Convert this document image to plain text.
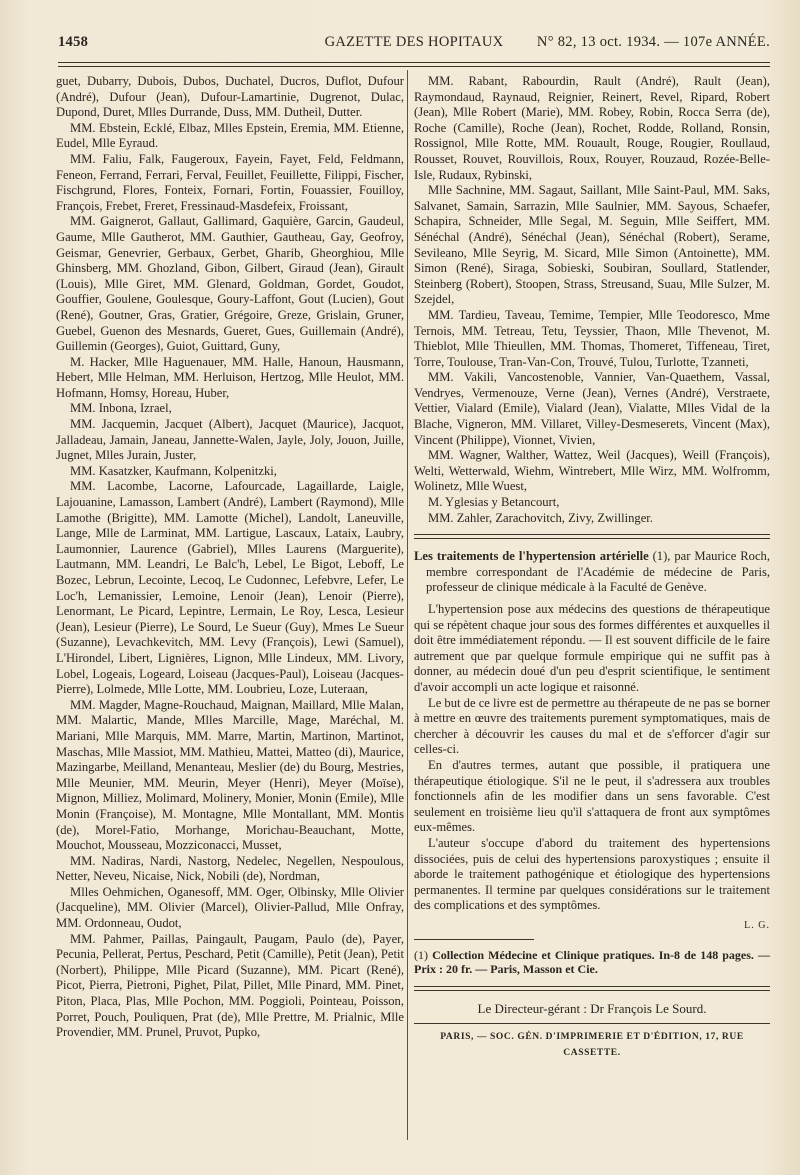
1458	GAZETTE DES HOPITAUX	N° 82, 13 oct. 1934. — 107e ANNÉE.

guet, Dubarry, Dubois, Dubos, Duchatel, Ducros, Duflot, Dufour (André), Dufour (Jean), Dufour-Lamartinie, Dugrenot, Dulac, Dupond, Duret, Mlles Durrande, Duss, MM. Dutheil, Dutter.

MM. Ebstein, Ecklé, Elbaz, Mlles Epstein, Eremia, MM. Etienne, Eudel, Mlle Eyraud.

MM. Faliu, Falk, Faugeroux, Fayein, Fayet, Feld, Feldmann, Feneon, Ferrand, Ferrari, Ferval, Feuillet, Feuillette, Filippi, Fischer, Fischgrund, Flores, Fonteix, Fornari, Fortin, Fouassier, Fouilloy, François, Frebet, Freret, Fressinaud-Masdefeix, Froissant,

MM. Gaignerot, Gallaut, Gallimard, Gaquière, Garcin, Gaudeul, Gaume, Mlle Gautherot, MM. Gauthier, Gautheau, Gay, Geofroy, Geismar, Genevrier, Gerbaux, Gerbet, Gharib, Gheorghiou, Mlle Ghinsberg, MM. Ghozland, Gibon, Gilbert, Giraud (Jean), Girault (Louis), Mlle Giret, MM. Glenard, Goldman, Gordet, Goudot, Gouffier, Goulene, Goulesque, Goury-Laffont, Gout (Lucien), Gout (René), Goutner, Gras, Gratier, Grégoire, Greze, Grislain, Gruner, Guebel, Guenon des Mesnards, Gueret, Gues, Guillemain (André), Guillemin (Georges), Guiot, Guittard, Guny,

M. Hacker, Mlle Haguenauer, MM. Halle, Hanoun, Hausmann, Hebert, Mlle Helman, MM. Herluison, Hertzog, Mlle Heulot, MM. Hofmann, Homsy, Horeau, Huber,

MM. Inbona, Izrael,

MM. Jacquemin, Jacquet (Albert), Jacquet (Maurice), Jacquot, Jalladeau, Jamain, Janeau, Jannette-Walen, Jayle, Joly, Jouon, Juille, Jugnet, Mlles Jurain, Juster,

MM. Kasatzker, Kaufmann, Kolpenitzki,

MM. Lacombe, Lacorne, Lafourcade, Lagaillarde, Laigle, Lajouanine, Lamasson, Lambert (André), Lambert (Raymond), Mlle Lamothe (Brigitte), MM. Lamotte (Michel), Landolt, Laneuville, Lange, Mlle de Larminat, MM. Lartigue, Lascaux, Lataix, Laubry, Laumonnier, Laurence (Gabriel), Mlles Laurens (Marguerite), Lautmann, MM. Leandri, Le Balc'h, Lebel, Le Bigot, Leboff, Le Bozec, Lebrun, Lecointe, Lecoq, Le Cudonnec, Lefebvre, Lefer, Le Loc'h, Lemanissier, Lemoine, Lenoir (Jean), Lenoir (Pierre), Lenormant, Le Picard, Lepintre, Lermain, Le Roy, Lesca, Lesieur (Jean), Lesieur (Pierre), Le Sourd, Le Sueur (Guy), Mmes Le Sueur (Suzanne), Levachkevitch, MM. Levy (François), Lewi (Samuel), L'Hirondel, Libert, Lignières, Lignon, Mlle Lindeux, MM. Livory, Lobel, Logeais, Logeard, Loiseau (Jacques-Paul), Loiseau (Jacques-Pierre), Lolmede, Mlle Lotte, MM. Loubrieu, Loze, Luteraan,

MM. Magder, Magne-Rouchaud, Maignan, Maillard, Mlle Malan, MM. Malartic, Mande, Mlles Marcille, Mage, Maréchal, M. Mariani, Mlle Marquis, MM. Marre, Martin, Martinon, Martinot, Maschas, Mlle Massiot, MM. Mathieu, Mattei, Matteo (di), Maurice, Mazingarbe, Meilland, Menanteau, Meslier (de) du Bourg, Mestries, Mlle Meunier, MM. Meurin, Meyer (Henri), Meyer (Moïse), Mignon, Milliez, Molimard, Molinery, Monier, Monin (Emile), Mlle Monin (Françoise), M. Montagne, Mlle Montallant, MM. Montis (de), Morel-Fatio, Morhange, Morichau-Beauchant, Motte, Mouchot, Mousseau, Mozziconacci, Musset,

MM. Nadiras, Nardi, Nastorg, Nedelec, Negellen, Nespoulous, Netter, Neveu, Nicaise, Nick, Nobili (de), Nordman,

Mlles Oehmichen, Oganesoff, MM. Oger, Olbinsky, Mlle Olivier (Jacqueline), MM. Olivier (Marcel), Olivier-Pallud, Mlle Onfray, MM. Ordonneau, Oudot,

MM. Pahmer, Paillas, Paingault, Paugam, Paulo (de), Payer, Pecunia, Pellerat, Pertus, Peschard, Petit (Camille), Petit (Jean), Petit (Norbert), Philippe, Mlle Picard (Suzanne), MM. Picart (René), Picot, Pierra, Pietroni, Pighet, Pilat, Pillet, Mlle Pinard, MM. Pinet, Piton, Placa, Plas, Mlle Pochon, MM. Poggioli, Pointeau, Poisson, Porret, Pouch, Pouliquen, Prat (de), Mlle Prettre, M. Prialnic, Mlle Provendier, MM. Prunel, Pruvot, Pupko,

MM. Rabant, Rabourdin, Rault (André), Rault (Jean), Raymondaud, Raynaud, Reignier, Reinert, Revel, Ripard, Robert (Jean), Mlle Robert (Marie), MM. Robey, Robin, Rocca Serra (de), Roche (Camille), Roche (Jean), Rochet, Rodde, Rolland, Ronsin, Rossignol, Mlle Rotte, MM. Rouault, Rouge, Rougier, Roullaud, Rousset, Rouvet, Rouvillois, Roux, Rouyer, Rouzaud, Rozée-Belle-Isle, Rudaux, Rybinski,

Mlle Sachnine, MM. Sagaut, Saillant, Mlle Saint-Paul, MM. Saks, Salvanet, Samain, Sarrazin, Mlle Saulnier, MM. Sayous, Schaefer, Schapira, Schneider, Mlle Segal, M. Seguin, Mlle Seiffert, MM. Sénéchal (André), Sénéchal (Jean), Sénéchal (Robert), Serame, Sevileano, Mlle Seyrig, M. Sicard, Mlle Simon (Antoinette), MM. Simon (René), Siraga, Sobieski, Soubiran, Soullard, Statlender, Steinberg (Robert), Stoopen, Strass, Streusand, Suau, Mlle Sulzer, M. Szejdel,

MM. Tardieu, Taveau, Temime, Tempier, Mlle Teodoresco, Mme Ternois, MM. Tetreau, Tetu, Teyssier, Thaon, Mlle Thevenot, M. Thieblot, Mlle Thieullen, MM. Thomas, Thomeret, Tiffeneau, Tiret, Torre, Toulouse, Tran-Van-Con, Trouvé, Tulou, Turlotte, Tzanneti,

MM. Vakili, Vancostenoble, Vannier, Van-Quaethem, Vassal, Vendryes, Vermenouze, Verne (Jean), Vernes (André), Verstraete, Vettier, Vialard (Emile), Vialard (Jean), Vialatte, Mlles Vidal de la Blache, Vigneron, MM. Villaret, Villey-Desmeserets, Vincent (Max), Vincent (Philippe), Vionnet, Vivien,

MM. Wagner, Walther, Wattez, Weil (Jacques), Weill (François), Welti, Wetterwald, Wiehm, Wintrebert, Mlle Wirz, MM. Wolfromm, Wolinetz, Mlle Wuest,

M. Yglesias y Betancourt,

MM. Zahler, Zarachovitch, Zivy, Zwillinger.

Les traitements de l'hypertension artérielle (1), par Maurice Roch, membre correspondant de l'Académie de médecine de Paris, professeur de clinique médicale à la Faculté de Genève.

L'hypertension pose aux médecins des questions de thérapeutique qui se répètent chaque jour sous des formes différentes et auxquelles il doit être immédiatement répondu. — Il est souvent difficile de le faire autrement que par quelque formule empirique qui ne suffit pas à donner, au médecin doué d'un peu d'esprit scientifique, le sentiment d'avoir accompli un acte logique et raisonné.

Le but de ce livre est de permettre au thérapeute de ne pas se borner à mettre en œuvre des traitements purement symptomatiques, mais de chercher à découvrir les causes du mal et de s'efforcer d'agir sur celles-ci.

En d'autres termes, autant que possible, il pratiquera une thérapeutique étiologique. S'il ne le peut, il s'adressera aux troubles fonctionnels afin de les modifier dans un sens favorable. C'est seulement en troisième lieu qu'il s'attaquera de front aux symptômes eux-mêmes.

L'auteur s'occupe d'abord du traitement des hypertensions dissociées, puis de celui des hypertensions paroxystiques ; ensuite il aborde le traitement pathogénique et étiologique des hypertensions permanentes. Il termine par quelques considérations sur le traitement des complications et des symptômes.

L. G.
(1) Collection Médecine et Clinique pratiques. In-8 de 148 pages. — Prix : 20 fr. — Paris, Masson et Cie.
Le Directeur-gérant : Dr François Le Sourd.
PARIS, — SOC. GÉN. D'IMPRIMERIE ET D'ÉDITION, 17, RUE CASSETTE.
